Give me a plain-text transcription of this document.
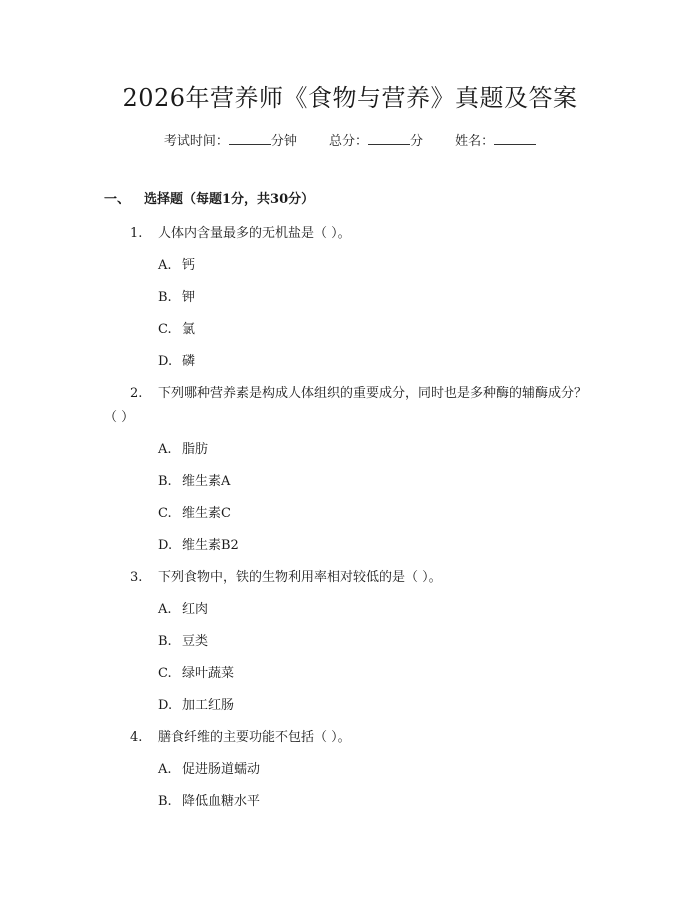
2026年营养师《食物与营养》真题及答案
考试时间：	分钟 总分：	分 姓名：
一、 选择题（每题1分，共30分）

1. 人体内含量最多的无机盐是（ ）。

A. 钙
B. 钾
C. 氯
D. 磷

2. 下列哪种营养素是构成人体组织的重要成分，同时也是多种酶的辅酶成分？（ ）

A. 脂肪
B. 维生素A
C. 维生素C
D. 维生素B2

3. 下列食物中，铁的生物利用率相对较低的是（ ）。

A. 红肉
B. 豆类
C. 绿叶蔬菜
D. 加工红肠

4. 膳食纤维的主要功能不包括（ ）。

A. 促进肠道蠕动
B. 降低血糖水平
